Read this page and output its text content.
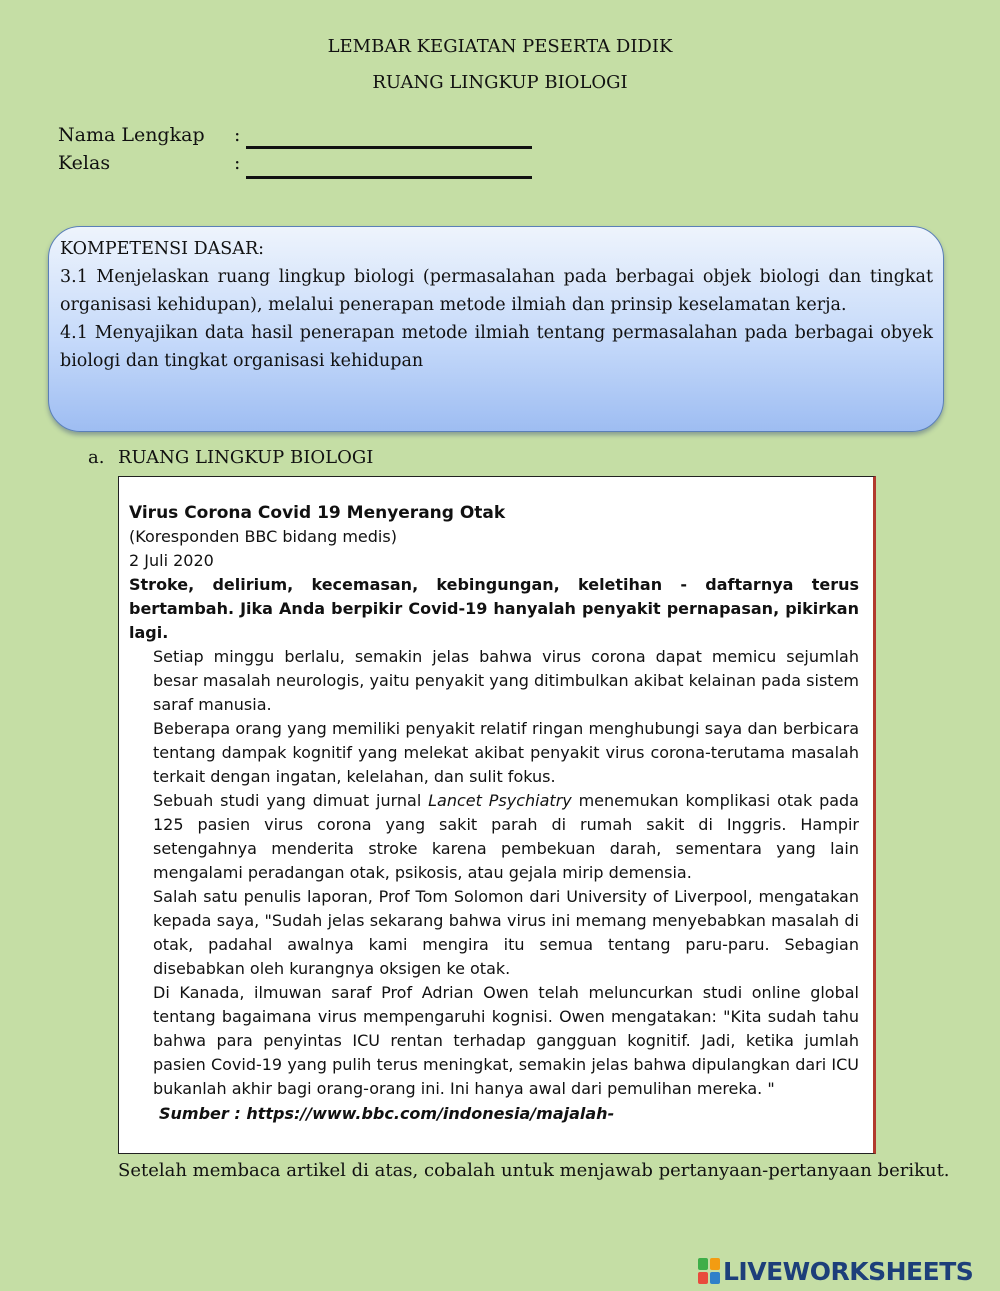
LEMBAR KEGIATAN PESERTA DIDIK
RUANG LINGKUP BIOLOGI
Nama Lengkap :
Kelas	:

KOMPETENSI DASAR:

3.1 Menjelaskan ruang lingkup biologi (permasalahan pada berbagai objek biologi dan tingkat organisasi kehidupan), melalui penerapan metode ilmiah dan prinsip keselamatan kerja.

4.1 Menyajikan data hasil penerapan metode ilmiah tentang permasalahan pada berbagai obyek biologi dan tingkat organisasi kehidupan

a. RUANG LINGKUP BIOLOGI
Virus Corona Covid 19 Menyerang Otak
(Koresponden BBC bidang medis)
2 Juli 2020
Stroke, delirium, kecemasan, kebingungan, keletihan - daftarnya terus bertambah. Jika Anda berpikir Covid-19 hanyalah penyakit pernapasan, pikirkan lagi.

Setiap minggu berlalu, semakin jelas bahwa virus corona dapat memicu sejumlah besar masalah neurologis, yaitu penyakit yang ditimbulkan akibat kelainan pada sistem saraf manusia.

Beberapa orang yang memiliki penyakit relatif ringan menghubungi saya dan berbicara tentang dampak kognitif yang melekat akibat penyakit virus corona-terutama masalah terkait dengan ingatan, kelelahan, dan sulit fokus.

Sebuah studi yang dimuat jurnal Lancet Psychiatry menemukan komplikasi otak pada 125 pasien virus corona yang sakit parah di rumah sakit di Inggris. Hampir setengahnya menderita stroke karena pembekuan darah, sementara yang lain mengalami peradangan otak, psikosis, atau gejala mirip demensia.

Salah satu penulis laporan, Prof Tom Solomon dari University of Liverpool, mengatakan kepada saya, "Sudah jelas sekarang bahwa virus ini memang menyebabkan masalah di otak, padahal awalnya kami mengira itu semua tentang paru-paru. Sebagian disebabkan oleh kurangnya oksigen ke otak.

Di Kanada, ilmuwan saraf Prof Adrian Owen telah meluncurkan studi online global tentang bagaimana virus mempengaruhi kognisi. Owen mengatakan: "Kita sudah tahu bahwa para penyintas ICU rentan terhadap gangguan kognitif. Jadi, ketika jumlah pasien Covid-19 yang pulih terus meningkat, semakin jelas bahwa dipulangkan dari ICU bukanlah akhir bagi orang-orang ini. Ini hanya awal dari pemulihan mereka. "

Sumber : https://www.bbc.com/indonesia/majalah-
Setelah membaca artikel di atas, cobalah untuk menjawab pertanyaan-pertanyaan berikut.
LIVEWORKSHEETS
